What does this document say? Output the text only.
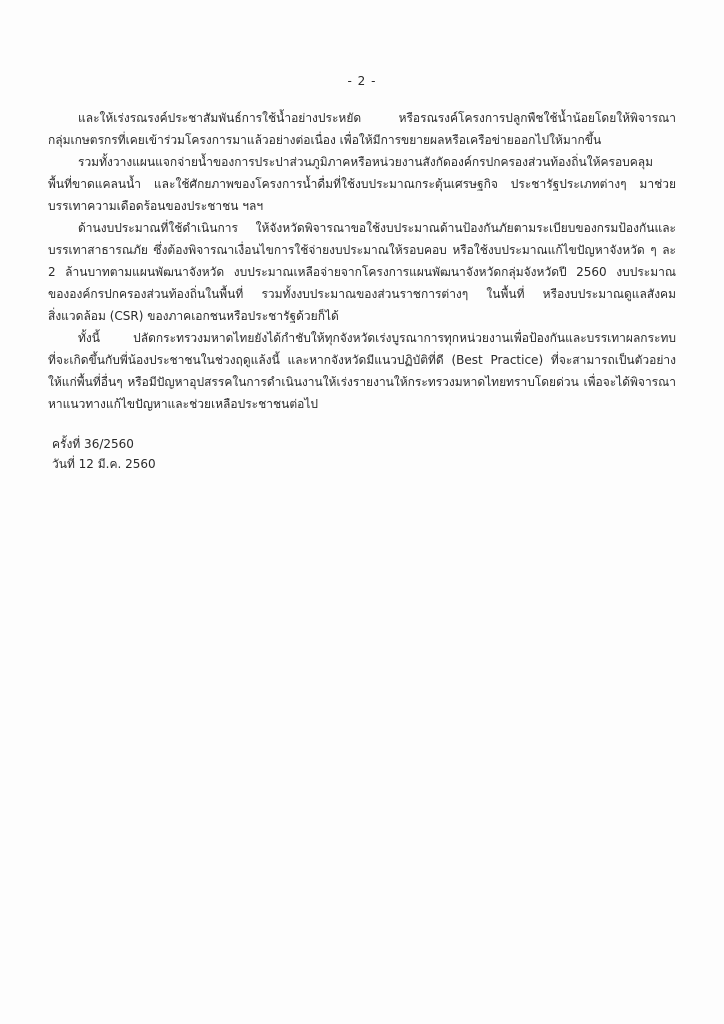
- 2 -
และให้เร่งรณรงค์ประชาสัมพันธ์การใช้น้ำอย่างประหยัด หรือรณรงค์โครงการปลูกพืชใช้น้ำน้อยโดยให้พิจารณา
กลุ่มเกษตรกรที่เคยเข้าร่วมโครงการมาแล้วอย่างต่อเนื่อง เพื่อให้มีการขยายผลหรือเครือข่ายออกไปให้มากขึ้น
รวมทั้งวางแผนแจกจ่ายน้ำของการประปาส่วนภูมิภาคหรือหน่วยงานสังกัดองค์กรปกครองส่วนท้องถิ่นให้ครอบคลุม
พื้นที่ขาดแคลนน้ำ และใช้ศักยภาพของโครงการน้ำดื่มที่ใช้งบประมาณกระตุ้นเศรษฐกิจ ประชารัฐประเภทต่างๆ มาช่วย
บรรเทาความเดือดร้อนของประชาชน ฯลฯ
ด้านงบประมาณที่ใช้ดำเนินการ ให้จังหวัดพิจารณาขอใช้งบประมาณด้านป้องกันภัยตามระเบียบของกรมป้องกันและ
บรรเทาสาธารณภัย ซึ่งต้องพิจารณาเงื่อนไขการใช้จ่ายงบประมาณให้รอบคอบ หรือใช้งบประมาณแก้ไขปัญหาจังหวัด ๆ ละ
2 ล้านบาทตามแผนพัฒนาจังหวัด งบประมาณเหลือจ่ายจากโครงการแผนพัฒนาจังหวัดกลุ่มจังหวัดปี 2560 งบประมาณ
ขององค์กรปกครองส่วนท้องถิ่นในพื้นที่ รวมทั้งงบประมาณของส่วนราชการต่างๆ ในพื้นที่ หรืองบประมาณดูแลสังคม
สิ่งแวดล้อม (CSR) ของภาคเอกชนหรือประชารัฐด้วยก็ได้
ทั้งนี้ ปลัดกระทรวงมหาดไทยยังได้กำชับให้ทุกจังหวัดเร่งบูรณาการทุกหน่วยงานเพื่อป้องกันและบรรเทาผลกระทบ
ที่จะเกิดขึ้นกับพี่น้องประชาชนในช่วงฤดูแล้งนี้ และหากจังหวัดมีแนวปฏิบัติที่ดี (Best Practice) ที่จะสามารถเป็นตัวอย่าง
ให้แก่พื้นที่อื่นๆ หรือมีปัญหาอุปสรรคในการดำเนินงานให้เร่งรายงานให้กระทรวงมหาดไทยทราบโดยด่วน เพื่อจะได้พิจารณา
หาแนวทางแก้ไขปัญหาและช่วยเหลือประชาชนต่อไป
ครั้งที่ 36/2560
วันที่ 12 มี.ค. 2560
